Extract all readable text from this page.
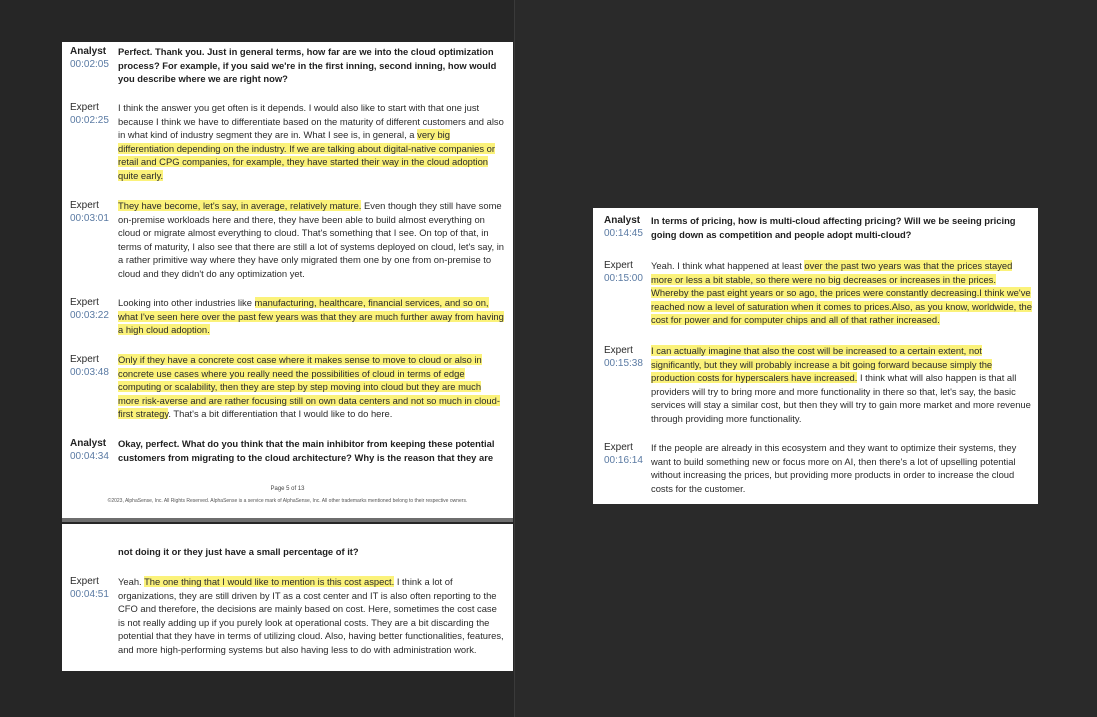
Analyst
00:02:05
Perfect. Thank you. Just in general terms, how far are we into the cloud optimization process? For example, if you said we're in the first inning, second inning, how would you describe where we are right now?
Expert
00:02:25
I think the answer you get often is it depends. I would also like to start with that one just because I think we have to differentiate based on the maturity of different customers and also in what kind of industry segment they are in. What I see is, in general, a very big differentiation depending on the industry. If we are talking about digital-native companies or retail and CPG companies, for example, they have started their way in the cloud adoption quite early.
Expert
00:03:01
They have become, let's say, in average, relatively mature. Even though they still have some on-premise workloads here and there, they have been able to build almost everything on cloud or migrate almost everything to cloud. That's something that I see. On top of that, in terms of maturity, I also see that there are still a lot of systems deployed on cloud, let's say, in a rather primitive way where they have only migrated them one by one from on-premise to cloud and they didn't do any optimization yet.
Expert
00:03:22
Looking into other industries like manufacturing, healthcare, financial services, and so on, what I've seen here over the past few years was that they are much further away from having a high cloud adoption.
Expert
00:03:48
Only if they have a concrete cost case where it makes sense to move to cloud or also in concrete use cases where you really need the possibilities of cloud in terms of edge computing or scalability, then they are step by step moving into cloud but they are much more risk-averse and are rather focusing still on own data centers and not so much in cloud-first strategy. That's a bit differentiation that I would like to do here.
Analyst
00:04:34
Okay, perfect. What do you think that the main inhibitor from keeping these potential customers from migrating to the cloud architecture? Why is the reason that they are
Page 5 of 13
©2023, AlphaSense, Inc. All Rights Reserved. AlphaSense is a service mark of AlphaSense, Inc. All other trademarks mentioned belong to their respective owners.
not doing it or they just have a small percentage of it?
Expert
00:04:51
Yeah. The one thing that I would like to mention is this cost aspect. I think a lot of organizations, they are still driven by IT as a cost center and IT is also often reporting to the CFO and therefore, the decisions are mainly based on cost. Here, sometimes the cost case is not really adding up if you purely look at operational costs. They are a bit discarding the potential that they have in terms of utilizing cloud. Also, having better functionalities, features, and more high-performing systems but also having less to do with administration work.
Analyst
00:14:45
In terms of pricing, how is multi-cloud affecting pricing? Will we be seeing pricing going down as competition and people adopt multi-cloud?
Expert
00:15:00
Yeah. I think what happened at least over the past two years was that the prices stayed more or less a bit stable, so there were no big decreases or increases in the prices. Whereby the past eight years or so ago, the prices were constantly decreasing.I think we've reached now a level of saturation when it comes to prices.Also, as you know, worldwide, the cost for power and for computer chips and all of that rather increased.
Expert
00:15:38
I can actually imagine that also the cost will be increased to a certain extent, not significantly, but they will probably increase a bit going forward because simply the production costs for hyperscalers have increased. I think what will also happen is that all providers will try to bring more and more functionality in there so that, let's say, the basic services will stay a similar cost, but then they will try to gain more market and more revenue through providing more functionality.
Expert
00:16:14
If the people are already in this ecosystem and they want to optimize their systems, they want to build something new or focus more on AI, then there's a lot of upselling potential without increasing the prices, but providing more products in order to increase the cloud costs for the customer.
